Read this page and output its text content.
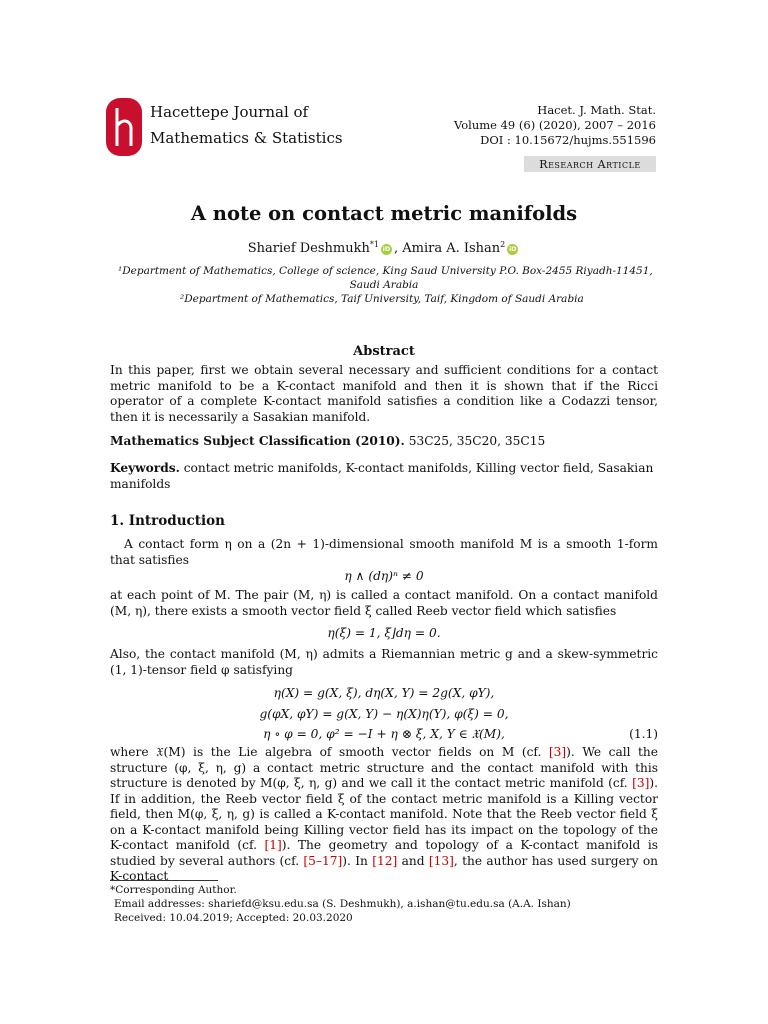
Hacettepe Journal of
Mathematics & Statistics
Hacet. J. Math. Stat.
Volume 49 (6) (2020), 2007 – 2016
DOI : 10.15672/hujms.551596
Research Article
A note on contact metric manifolds
Sharief Deshmukh$^{*1}$ iD , Amira A. Ishan$^2$ iD
¹Department of Mathematics, College of science, King Saud University P.O. Box-2455 Riyadh-11451,
Saudi Arabia
²Department of Mathematics, Taif University, Taif, Kingdom of Saudi Arabia
Abstract
In this paper, first we obtain several necessary and sufficient conditions for a contact metric manifold to be a K-contact manifold and then it is shown that if the Ricci operator of a complete K-contact manifold satisfies a condition like a Codazzi tensor, then it is necessarily a Sasakian manifold.
Mathematics Subject Classification (2010). 53C25, 35C20, 35C15
Keywords. contact metric manifolds, K-contact manifolds, Killing vector field, Sasakian manifolds
1. Introduction
A contact form η on a (2n + 1)-dimensional smooth manifold M is a smooth 1-form that satisfies
η ∧ (dη)ⁿ ≠ 0
at each point of M. The pair (M, η) is called a contact manifold. On a contact manifold (M, η), there exists a smooth vector field ξ called Reeb vector field which satisfies
η(ξ) = 1, ξ⌋dη = 0.
Also, the contact manifold (M, η) admits a Riemannian metric g and a skew-symmetric (1, 1)-tensor field φ satisfying
η(X) = g(X, ξ), dη(X, Y) = 2g(X, φY),
g(φX, φY) = g(X, Y) − η(X)η(Y), φ(ξ) = 0,
η ∘ φ = 0, φ² = −I + η ⊗ ξ, X, Y ∈ 𝔛(M),	(1.1)
where 𝔛(M) is the Lie algebra of smooth vector fields on M (cf. [3]). We call the structure (φ, ξ, η, g) a contact metric structure and the contact manifold with this structure is denoted by M(φ, ξ, η, g) and we call it the contact metric manifold (cf. [3]). If in addition, the Reeb vector field ξ of the contact metric manifold is a Killing vector field, then M(φ, ξ, η, g) is called a K-contact manifold. Note that the Reeb vector field ξ on a K-contact manifold being Killing vector field has its impact on the topology of the K-contact manifold (cf. [1]). The geometry and topology of a K-contact manifold is studied by several authors (cf. [5–17]). In [12] and [13], the author has used surgery on K-contact
*Corresponding Author.
Email addresses: shariefd@ksu.edu.sa (S. Deshmukh), a.ishan@tu.edu.sa (A.A. Ishan)
Received: 10.04.2019; Accepted: 20.03.2020
